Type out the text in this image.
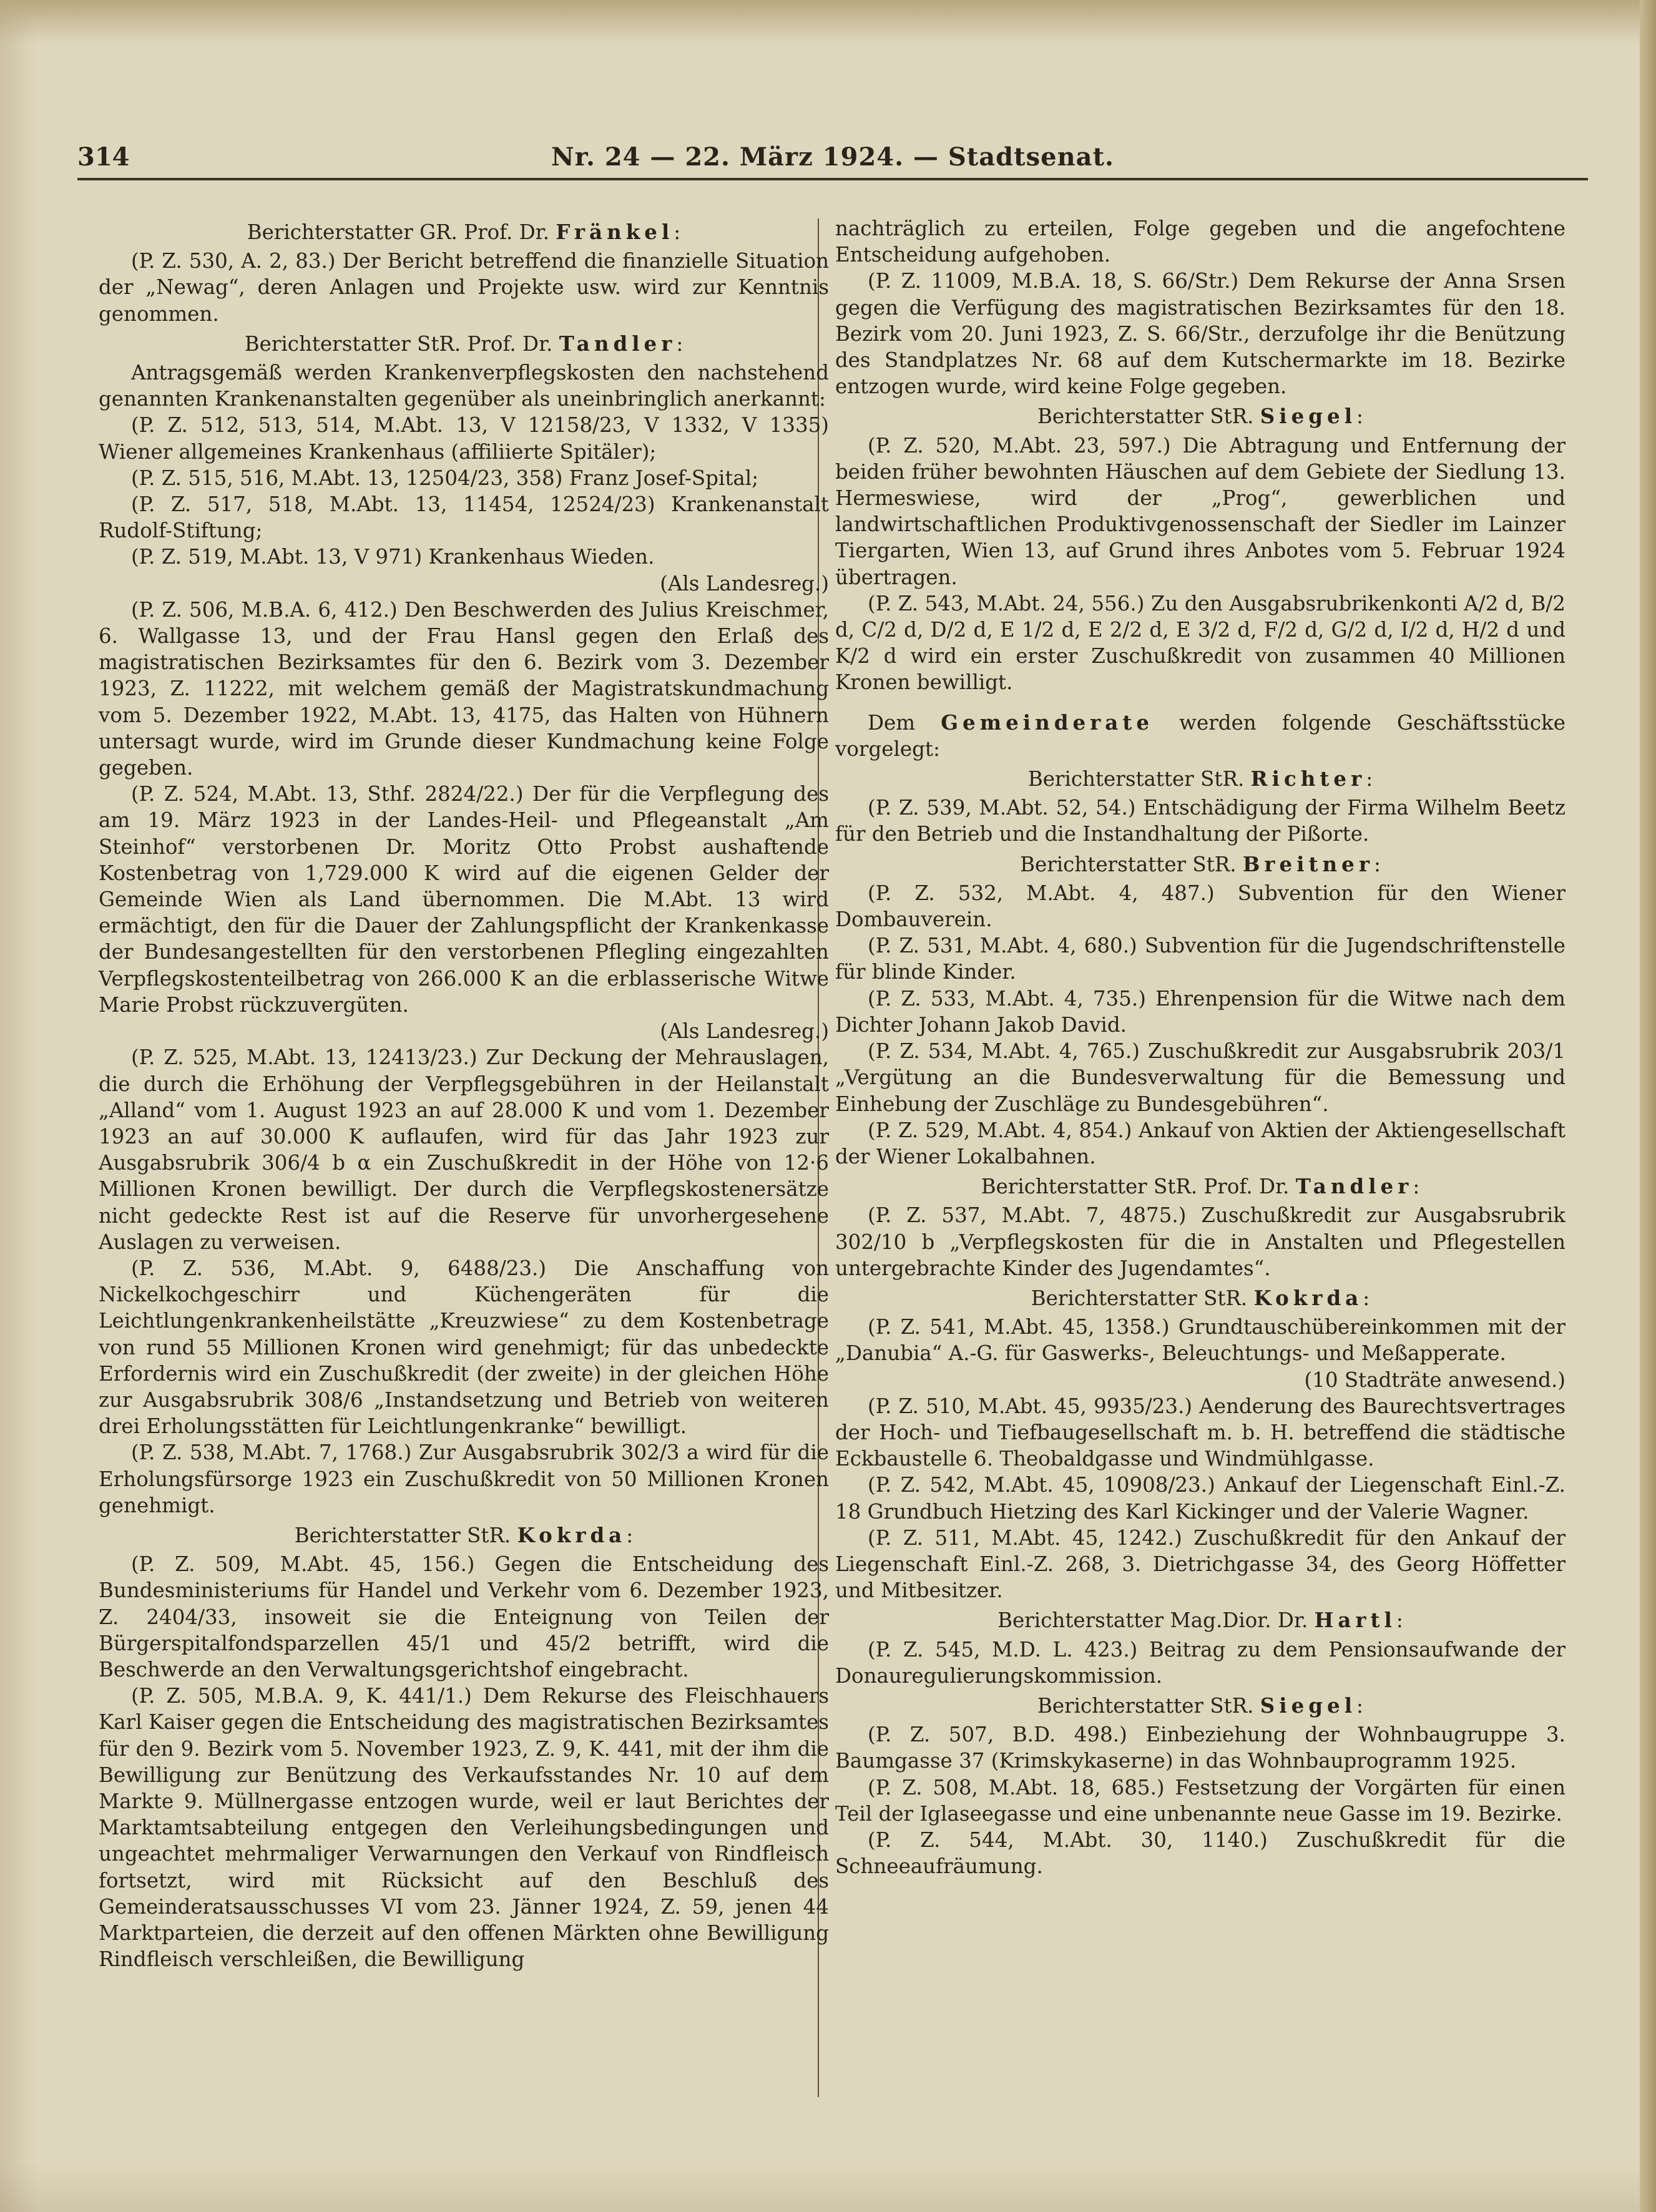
314	Nr. 24 — 22. März 1924. — Stadtsenat.

Berichterstatter GR. Prof. Dr. Fränkel:

(P. Z. 530, A. 2, 83.) Der Bericht betreffend die finanzielle Situation der „Newag“, deren Anlagen und Projekte usw. wird zur Kenntnis genommen.

Berichterstatter StR. Prof. Dr. Tandler:

Antragsgemäß werden Krankenverpflegskosten den nachstehend genannten Krankenanstalten gegenüber als uneinbringlich anerkannt:

(P. Z. 512, 513, 514, M.Abt. 13, V 12158/23, V 1332, V 1335) Wiener allgemeines Krankenhaus (affiliierte Spitäler);

(P. Z. 515, 516, M.Abt. 13, 12504/23, 358) Franz Josef-Spital;

(P. Z. 517, 518, M.Abt. 13, 11454, 12524/23) Krankenanstalt Rudolf-Stiftung;

(P. Z. 519, M.Abt. 13, V 971) Krankenhaus Wieden.

(Als Landesreg.)

(P. Z. 506, M.B.A. 6, 412.) Den Beschwerden des Julius Kreischmer, 6. Wallgasse 13, und der Frau Hansl gegen den Erlaß des magistratischen Bezirksamtes für den 6. Bezirk vom 3. Dezember 1923, Z. 11222, mit welchem gemäß der Magistratskundmachung vom 5. Dezember 1922, M.Abt. 13, 4175, das Halten von Hühnern untersagt wurde, wird im Grunde dieser Kundmachung keine Folge gegeben.

(P. Z. 524, M.Abt. 13, Sthf. 2824/22.) Der für die Verpflegung des am 19. März 1923 in der Landes-Heil- und Pflegeanstalt „Am Steinhof“ verstorbenen Dr. Moritz Otto Probst aushaftende Kostenbetrag von 1,729.000 K wird auf die eigenen Gelder der Gemeinde Wien als Land übernommen. Die M.Abt. 13 wird ermächtigt, den für die Dauer der Zahlungspflicht der Krankenkasse der Bundesangestellten für den verstorbenen Pflegling eingezahlten Verpflegskostenteilbetrag von 266.000 K an die erblasserische Witwe Marie Probst rückzuvergüten.

(Als Landesreg.)

(P. Z. 525, M.Abt. 13, 12413/23.) Zur Deckung der Mehrauslagen, die durch die Erhöhung der Verpflegsgebühren in der Heilanstalt „Alland“ vom 1. August 1923 an auf 28.000 K und vom 1. Dezember 1923 an auf 30.000 K auflaufen, wird für das Jahr 1923 zur Ausgabsrubrik 306/4 b α ein Zuschußkredit in der Höhe von 12·6 Millionen Kronen bewilligt. Der durch die Verpflegskostenersätze nicht gedeckte Rest ist auf die Reserve für unvorhergesehene Auslagen zu verweisen.

(P. Z. 536, M.Abt. 9, 6488/23.) Die Anschaffung von Nickelkochgeschirr und Küchengeräten für die Leichtlungenkrankenheilstätte „Kreuzwiese“ zu dem Kostenbetrage von rund 55 Millionen Kronen wird genehmigt; für das unbedeckte Erfordernis wird ein Zuschußkredit (der zweite) in der gleichen Höhe zur Ausgabsrubrik 308/6 „Instandsetzung und Betrieb von weiteren drei Erholungsstätten für Leichtlungenkranke“ bewilligt.

(P. Z. 538, M.Abt. 7, 1768.) Zur Ausgabsrubrik 302/3 a wird für die Erholungsfürsorge 1923 ein Zuschußkredit von 50 Millionen Kronen genehmigt.

Berichterstatter StR. Kokrda:

(P. Z. 509, M.Abt. 45, 156.) Gegen die Entscheidung des Bundesministeriums für Handel und Verkehr vom 6. Dezember 1923, Z. 2404/33, insoweit sie die Enteignung von Teilen der Bürgerspitalfondsparzellen 45/1 und 45/2 betrifft, wird die Beschwerde an den Verwaltungsgerichtshof eingebracht.

(P. Z. 505, M.B.A. 9, K. 441/1.) Dem Rekurse des Fleischhauers Karl Kaiser gegen die Entscheidung des magistratischen Bezirksamtes für den 9. Bezirk vom 5. November 1923, Z. 9, K. 441, mit der ihm die Bewilligung zur Benützung des Verkaufsstandes Nr. 10 auf dem Markte 9. Müllnergasse entzogen wurde, weil er laut Berichtes der Marktamtsabteilung entgegen den Verleihungsbedingungen und ungeachtet mehrmaliger Verwarnungen den Verkauf von Rindfleisch fortsetzt, wird mit Rücksicht auf den Beschluß des Gemeinderatsausschusses VI vom 23. Jänner 1924, Z. 59, jenen 44 Marktparteien, die derzeit auf den offenen Märkten ohne Bewilligung Rindfleisch verschleißen, die Bewilligung

nachträglich zu erteilen, Folge gegeben und die angefochtene Entscheidung aufgehoben.

(P. Z. 11009, M.B.A. 18, S. 66/Str.) Dem Rekurse der Anna Srsen gegen die Verfügung des magistratischen Bezirksamtes für den 18. Bezirk vom 20. Juni 1923, Z. S. 66/Str., derzufolge ihr die Benützung des Standplatzes Nr. 68 auf dem Kutschermarkte im 18. Bezirke entzogen wurde, wird keine Folge gegeben.

Berichterstatter StR. Siegel:

(P. Z. 520, M.Abt. 23, 597.) Die Abtragung und Entfernung der beiden früher bewohnten Häuschen auf dem Gebiete der Siedlung 13. Hermeswiese, wird der „Prog“, gewerblichen und landwirtschaftlichen Produktivgenossenschaft der Siedler im Lainzer Tiergarten, Wien 13, auf Grund ihres Anbotes vom 5. Februar 1924 übertragen.

(P. Z. 543, M.Abt. 24, 556.) Zu den Ausgabsrubrikenkonti A/2 d, B/2 d, C/2 d, D/2 d, E 1/2 d, E 2/2 d, E 3/2 d, F/2 d, G/2 d, I/2 d, H/2 d und K/2 d wird ein erster Zuschußkredit von zusammen 40 Millionen Kronen bewilligt.

Dem Gemeinderate werden folgende Geschäftsstücke vorgelegt:

Berichterstatter StR. Richter:

(P. Z. 539, M.Abt. 52, 54.) Entschädigung der Firma Wilhelm Beetz für den Betrieb und die Instandhaltung der Pißorte.

Berichterstatter StR. Breitner:

(P. Z. 532, M.Abt. 4, 487.) Subvention für den Wiener Dombauverein.

(P. Z. 531, M.Abt. 4, 680.) Subvention für die Jugendschriftenstelle für blinde Kinder.

(P. Z. 533, M.Abt. 4, 735.) Ehrenpension für die Witwe nach dem Dichter Johann Jakob David.

(P. Z. 534, M.Abt. 4, 765.) Zuschußkredit zur Ausgabsrubrik 203/1 „Vergütung an die Bundesverwaltung für die Bemessung und Einhebung der Zuschläge zu Bundesgebühren“.

(P. Z. 529, M.Abt. 4, 854.) Ankauf von Aktien der Aktiengesellschaft der Wiener Lokalbahnen.

Berichterstatter StR. Prof. Dr. Tandler:

(P. Z. 537, M.Abt. 7, 4875.) Zuschußkredit zur Ausgabsrubrik 302/10 b „Verpflegskosten für die in Anstalten und Pflegestellen untergebrachte Kinder des Jugendamtes“.

Berichterstatter StR. Kokrda:

(P. Z. 541, M.Abt. 45, 1358.) Grundtauschübereinkommen mit der „Danubia“ A.-G. für Gaswerks-, Beleuchtungs- und Meßapperate.

(10 Stadträte anwesend.)

(P. Z. 510, M.Abt. 45, 9935/23.) Aenderung des Baurechtsvertrages der Hoch- und Tiefbaugesellschaft m. b. H. betreffend die städtische Eckbaustelle 6. Theobaldgasse und Windmühlgasse.

(P. Z. 542, M.Abt. 45, 10908/23.) Ankauf der Liegenschaft Einl.-Z. 18 Grundbuch Hietzing des Karl Kickinger und der Valerie Wagner.

(P. Z. 511, M.Abt. 45, 1242.) Zuschußkredit für den Ankauf der Liegenschaft Einl.-Z. 268, 3. Dietrichgasse 34, des Georg Höffetter und Mitbesitzer.

Berichterstatter Mag.Dior. Dr. Hartl:

(P. Z. 545, M.D. L. 423.) Beitrag zu dem Pensionsaufwande der Donauregulierungskommission.

Berichterstatter StR. Siegel:

(P. Z. 507, B.D. 498.) Einbeziehung der Wohnbaugruppe 3. Baumgasse 37 (Krimskykaserne) in das Wohnbauprogramm 1925.

(P. Z. 508, M.Abt. 18, 685.) Festsetzung der Vorgärten für einen Teil der Iglaseegasse und eine unbenannte neue Gasse im 19. Bezirke.

(P. Z. 544, M.Abt. 30, 1140.) Zuschußkredit für die Schneeaufräumung.
